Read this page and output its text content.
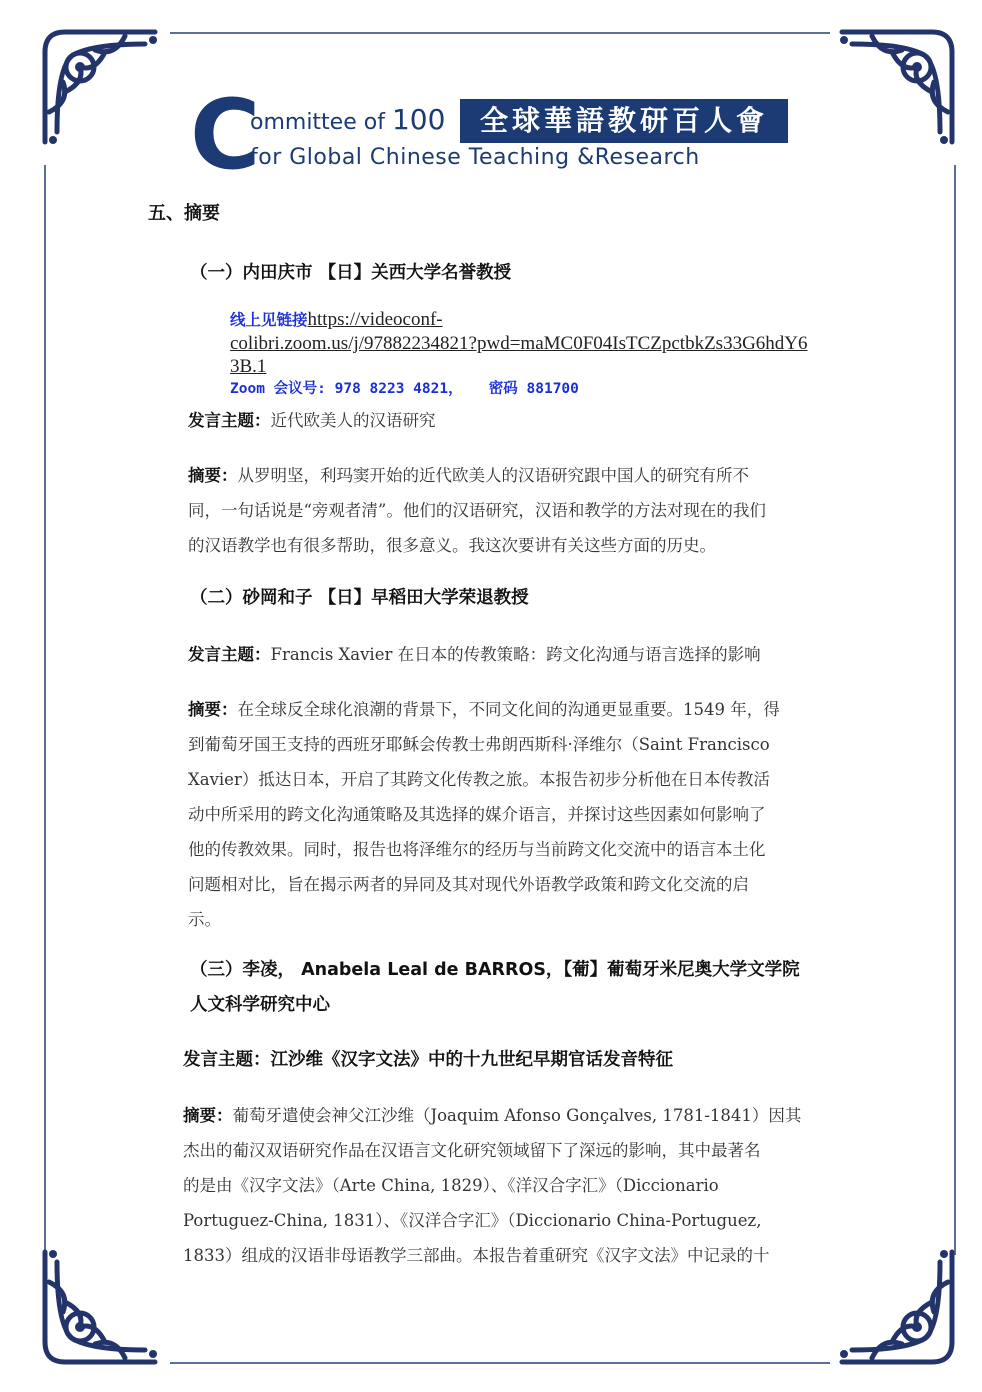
C
ommittee of 100	全球華語教研百人會
for Global Chinese Teaching &Research
五、摘要
（一）内田庆市 【日】关西大学名誉教授
线上见链接https://videoconf-
colibri.zoom.us/j/97882234821?pwd=maMC0F04IsTCZpctbkZs33G6hdY6
3B.1
Zoom 会议号: 978 8223 4821，   密码 881700
发言主题：近代欧美人的汉语研究
摘要：从罗明坚，利玛窦开始的近代欧美人的汉语研究跟中国人的研究有所不
同，一句话说是“旁观者清”。他们的汉语研究，汉语和教学的方法对现在的我们
的汉语教学也有很多帮助，很多意义。我这次要讲有关这些方面的历史。
（二）砂岡和子 【日】早稻田大学荣退教授
发言主题：Francis Xavier 在日本的传教策略：跨文化沟通与语言选择的影响
摘要：在全球反全球化浪潮的背景下，不同文化间的沟通更显重要。1549 年，得
到葡萄牙国王支持的西班牙耶稣会传教士弗朗西斯科·泽维尔（Saint Francisco
Xavier）抵达日本，开启了其跨文化传教之旅。本报告初步分析他在日本传教活
动中所采用的跨文化沟通策略及其选择的媒介语言，并探讨这些因素如何影响了
他的传教效果。同时，报告也将泽维尔的经历与当前跨文化交流中的语言本土化
问题相对比，旨在揭示两者的异同及其对现代外语教学政策和跨文化交流的启
示。
（三）李凌， Anabela Leal de BARROS，【葡】葡萄牙米尼奥大学文学院
人文科学研究中心
发言主题：江沙维《汉字文法》中的十九世纪早期官话发音特征
摘要：葡萄牙遣使会神父江沙维（Joaquim Afonso Gonçalves, 1781-1841）因其
杰出的葡汉双语研究作品在汉语言文化研究领域留下了深远的影响，其中最著名
的是由《汉字文法》（Arte China, 1829）、《洋汉合字汇》（Diccionario
Portuguez-China, 1831）、《汉洋合字汇》（Diccionario China-Portuguez,
1833）组成的汉语非母语教学三部曲。本报告着重研究《汉字文法》中记录的十
